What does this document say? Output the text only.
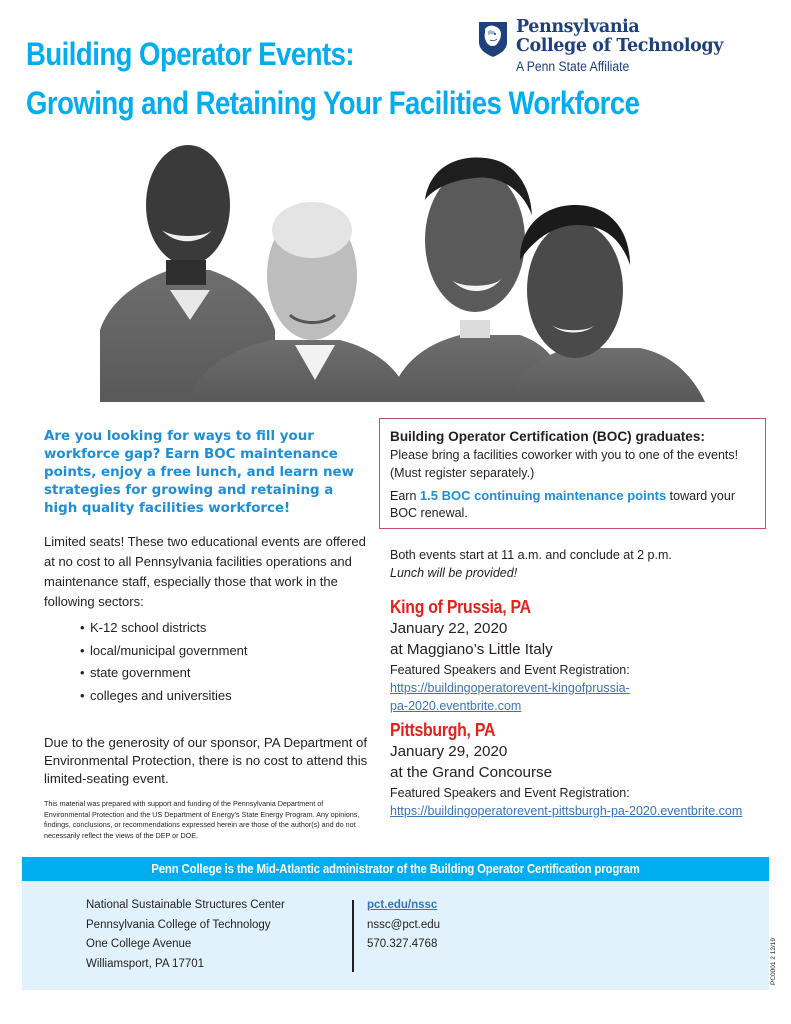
Building Operator Events:
Growing and Retaining Your Facilities Workforce
Pennsylvania
College of Technology
A Penn State Affiliate
Are you looking for ways to fill your workforce gap? Earn BOC maintenance points, enjoy a free lunch, and learn new strategies for growing and retaining a high quality facilities workforce!
Limited seats! These two educational events are offered at no cost to all Pennsylvania facilities operations and maintenance staff, especially those that work in the following sectors:
• K-12 school districts
• local/municipal government
• state government
• colleges and universities
Due to the generosity of our sponsor, PA Department of Environmental Protection, there is no cost to attend this limited-seating event.
This material was prepared with support and funding of the Pennsylvania Department of Environmental Protection and the US Department of Energy's State Energy Program. Any opinions, findings, conclusions, or recommendations expressed herein are those of the author(s) and do not necessarily reflect the views of the DEP or DOE.
Building Operator Certification (BOC) graduates:
Please bring a facilities coworker with you to one of the events!
(Must register separately.)
Earn 1.5 BOC continuing maintenance points toward your BOC renewal.
Both events start at 11 a.m. and conclude at 2 p.m.
Lunch will be provided!
King of Prussia, PA
January 22, 2020
at Maggiano’s Little Italy
Featured Speakers and Event Registration:
https://buildingoperatorevent-kingofprussia-
pa-2020.eventbrite.com
Pittsburgh, PA
January 29, 2020
at the Grand Concourse
Featured Speakers and Event Registration:
https://buildingoperatorevent-pittsburgh-pa-2020.eventbrite.com
Penn College is the Mid-Atlantic administrator of the Building Operator Certification program
National Sustainable Structures Center
Pennsylvania College of Technology
One College Avenue
Williamsport, PA 17701
pct.edu/nssc
nssc@pct.edu
570.327.4768	PC0001 2 12/19
